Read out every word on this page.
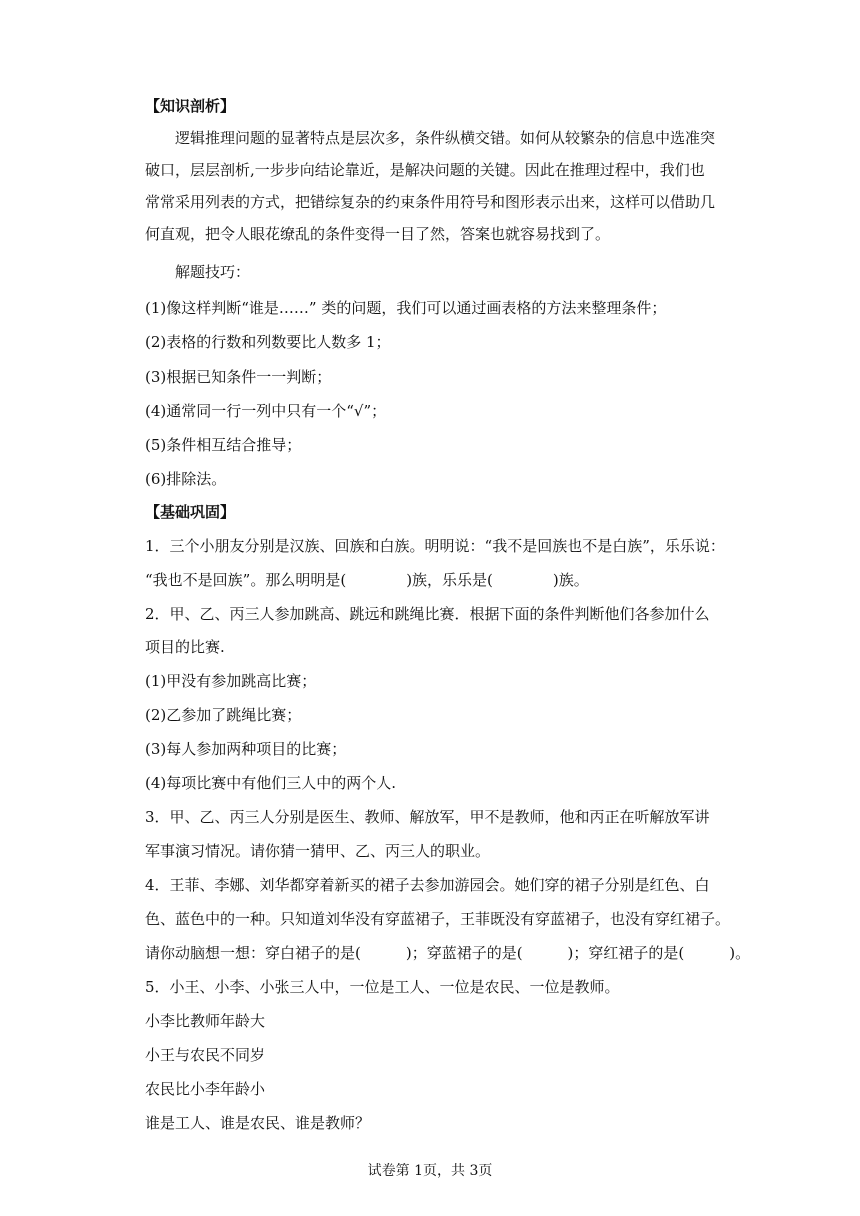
【知识剖析】
逻辑推理问题的显著特点是层次多，条件纵横交错。如何从较繁杂的信息中选准突
破口，层层剖析,一步步向结论靠近，是解决问题的关键。因此在推理过程中，我们也
常常采用列表的方式，把错综复杂的约束条件用符号和图形表示出来，这样可以借助几
何直观，把令人眼花缭乱的条件变得一目了然，答案也就容易找到了。
解题技巧：
(1)像这样判断“谁是……” 类的问题，我们可以通过画表格的方法来整理条件；
(2)表格的行数和列数要比人数多 1；
(3)根据已知条件一一判断；
(4)通常同一行一列中只有一个“√”；
(5)条件相互结合推导；
(6)排除法。
【基础巩固】
1．三个小朋友分别是汉族、回族和白族。明明说：“我不是回族也不是白族”，乐乐说：
“我也不是回族”。那么明明是(　　　　)族，乐乐是(　　　　)族。
2．甲、乙、丙三人参加跳高、跳远和跳绳比赛．根据下面的条件判断他们各参加什么
项目的比赛.
(1)甲没有参加跳高比赛；
(2)乙参加了跳绳比赛；
(3)每人参加两种项目的比赛；
(4)每项比赛中有他们三人中的两个人.
3．甲、乙、丙三人分别是医生、教师、解放军，甲不是教师，他和丙正在听解放军讲
军事演习情况。请你猜一猜甲、乙、丙三人的职业。
4．王菲、李娜、刘华都穿着新买的裙子去参加游园会。她们穿的裙子分别是红色、白
色、蓝色中的一种。只知道刘华没有穿蓝裙子，王菲既没有穿蓝裙子，也没有穿红裙子。
请你动脑想一想：穿白裙子的是(　　　)；穿蓝裙子的是(　　　)；穿红裙子的是(　　　)。
5．小王、小李、小张三人中，一位是工人、一位是农民、一位是教师。
小李比教师年龄大
小王与农民不同岁
农民比小李年龄小
谁是工人、谁是农民、谁是教师？
试卷第 1页，共 3页
